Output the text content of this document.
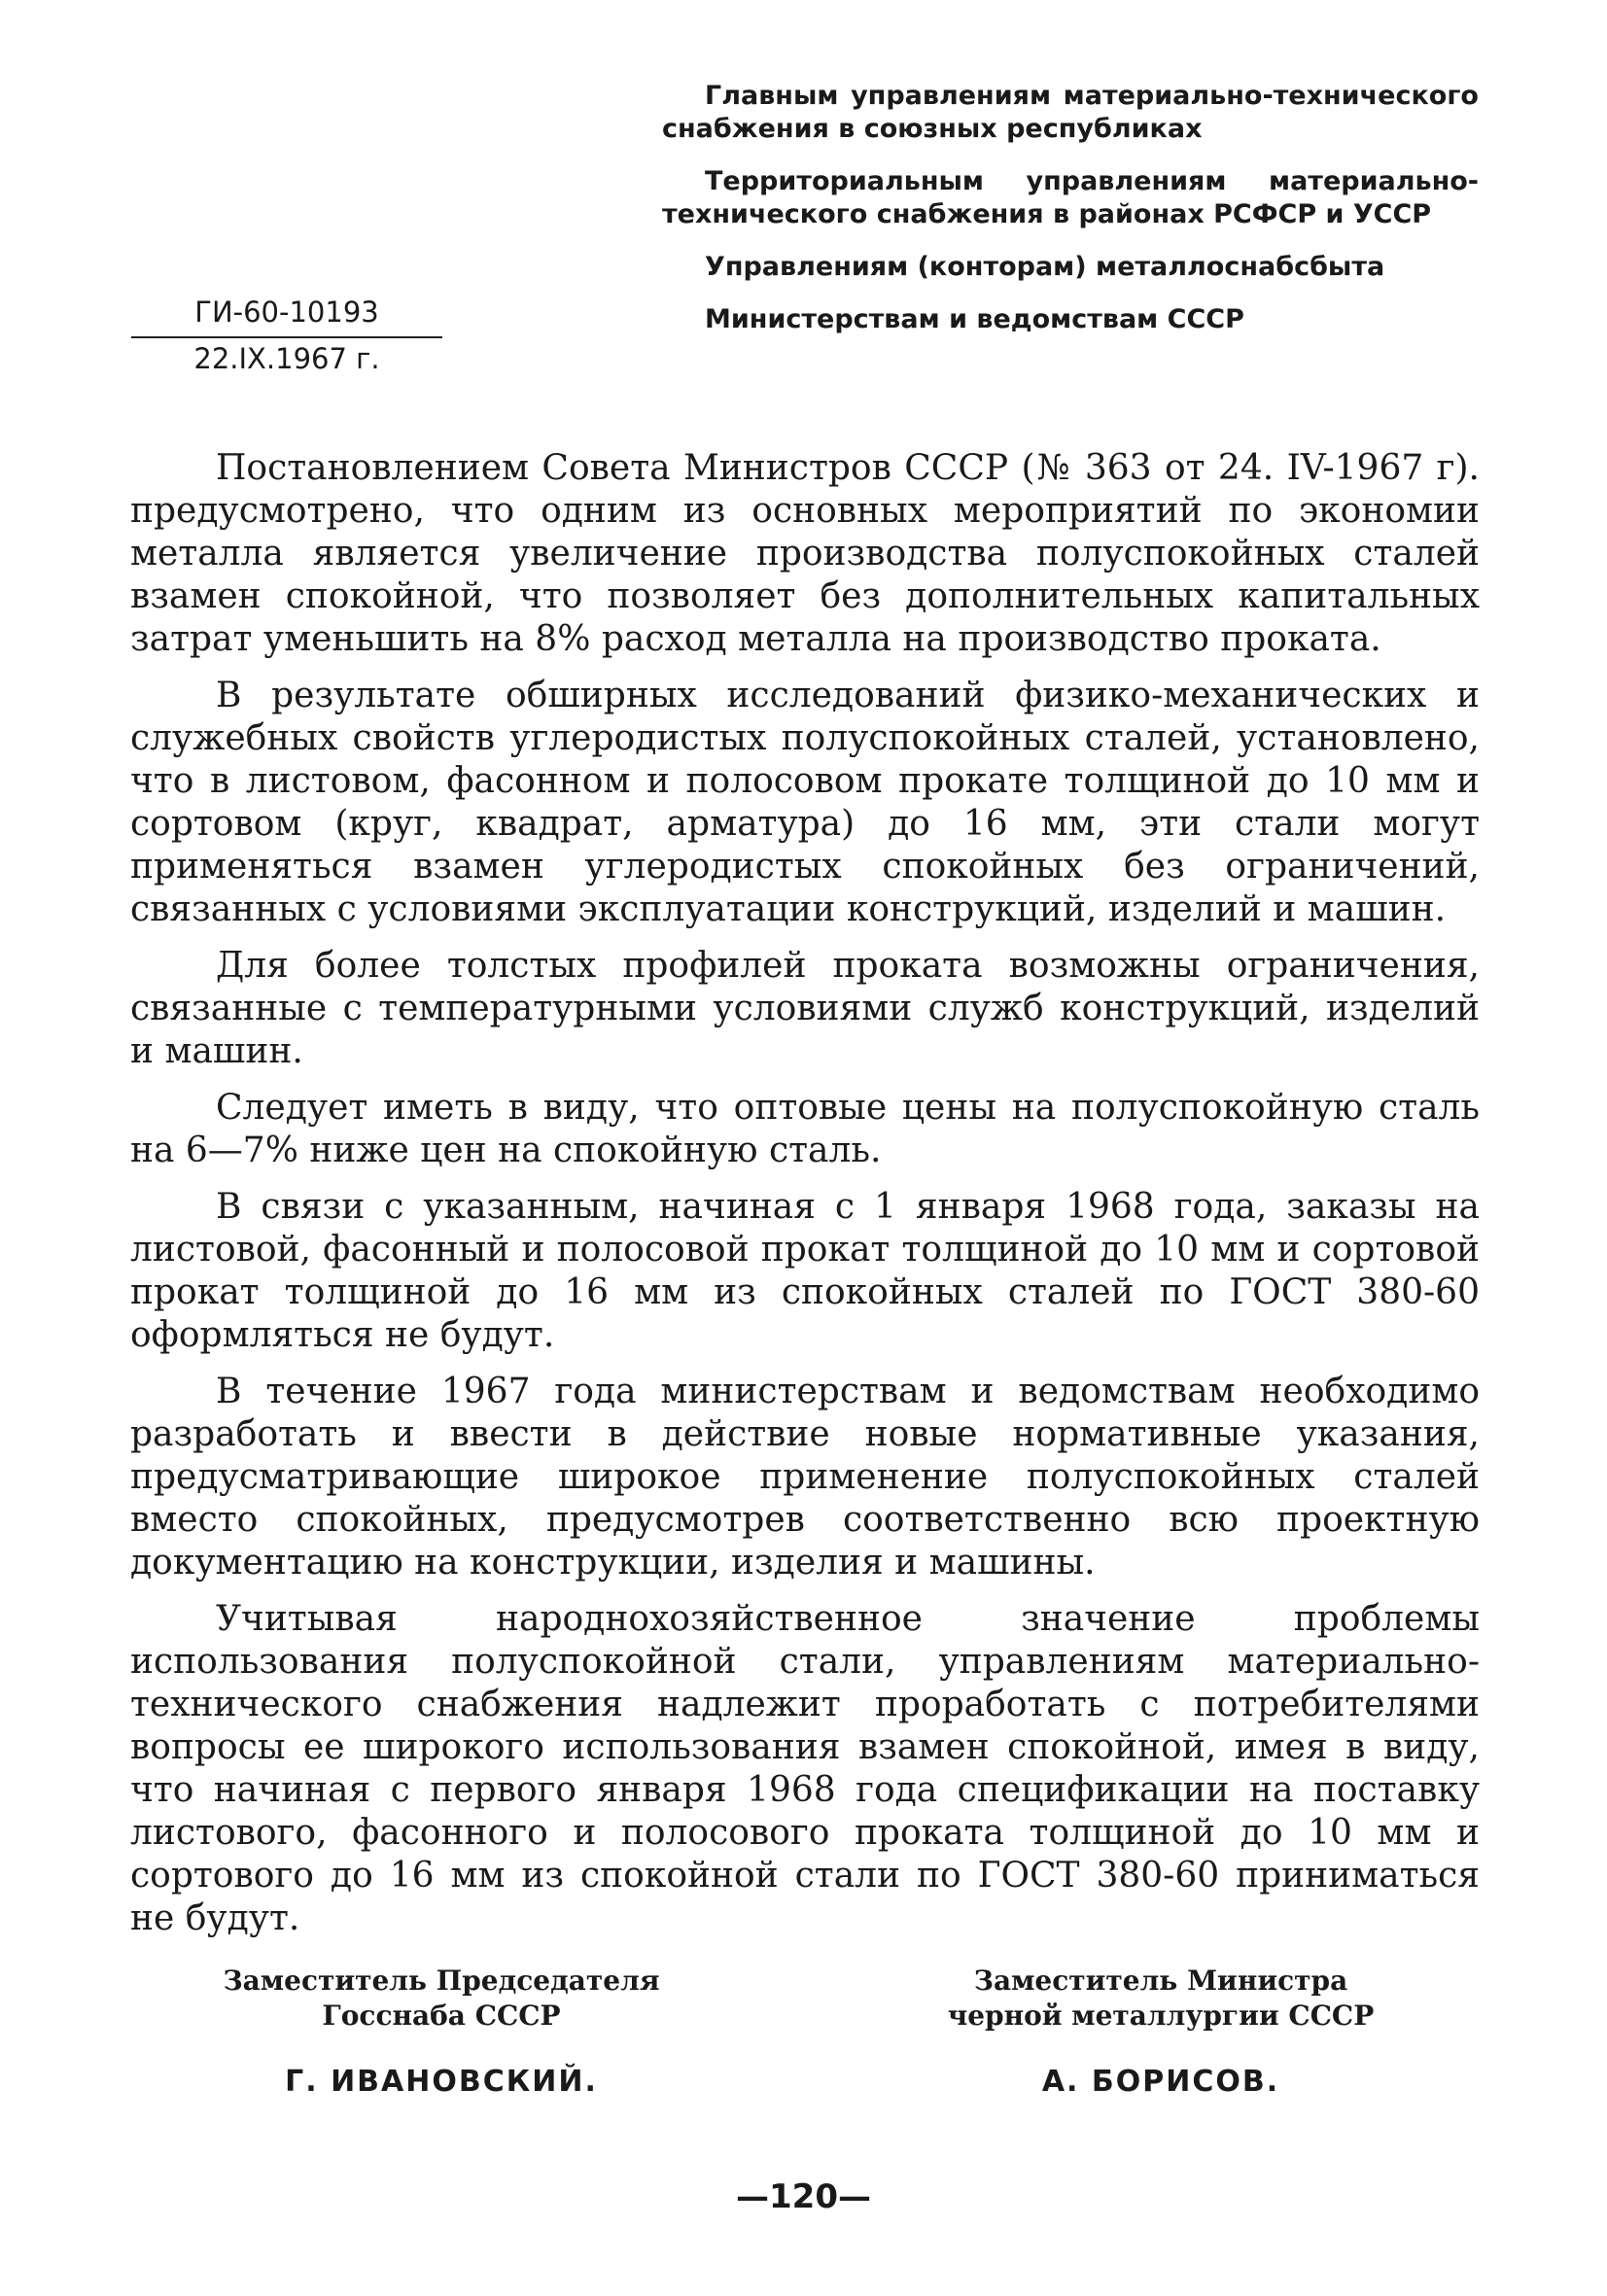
Главным управлениям материально-технического снабжения в союзных республиках

Территориальным управлениям материально-технического снабжения в районах РСФСР и УССР

Управлениям (конторам) металлоснабсбыта

Министерствам и ведомствам СССР

ГИ-60-10193
22.IX.1967 г.

Постановлением Совета Министров СССР (№ 363 от 24. IV-1967 г). предусмотрено, что одним из основных мероприятий по экономии металла является увеличение производства полуспокойных сталей взамен спокойной, что позволяет без дополнительных капитальных затрат уменьшить на 8% расход металла на производство проката.

В результате обширных исследований физико-механических и служебных свойств углеродистых полуспокойных сталей, установлено, что в листовом, фасонном и полосовом прокате толщиной до 10 мм и сортовом (круг, квадрат, арматура) до 16 мм, эти стали могут применяться взамен углеродистых спокойных без ограничений, связанных с условиями эксплуатации конструкций, изделий и машин.

Для более толстых профилей проката возможны ограничения, связанные с температурными условиями служб конструкций, изделий и машин.

Следует иметь в виду, что оптовые цены на полуспокойную сталь на 6—7% ниже цен на спокойную сталь.

В связи с указанным, начиная с 1 января 1968 года, заказы на листовой, фасонный и полосовой прокат толщиной до 10 мм и сортовой прокат толщиной до 16 мм из спокойных сталей по ГОСТ 380-60 оформляться не будут.

В течение 1967 года министерствам и ведомствам необходимо разработать и ввести в действие новые нормативные указания, предусматривающие широкое применение полуспокойных сталей вместо спокойных, предусмотрев соответственно всю проектную документацию на конструкции, изделия и машины.

Учитывая народнохозяйственное значение проблемы использования полуспокойной стали, управлениям материально-технического снабжения надлежит проработать с потребителями вопросы ее широкого использования взамен спокойной, имея в виду, что начиная с первого января 1968 года спецификации на поставку листового, фасонного и полосового проката толщиной до 10 мм и сортового до 16 мм из спокойной стали по ГОСТ 380-60 приниматься не будут.

Заместитель Председателя
Госснаба СССР
Г. ИВАНОВСКИЙ.
Заместитель Министра
черной металлургии СССР
А. БОРИСОВ.
—120—
